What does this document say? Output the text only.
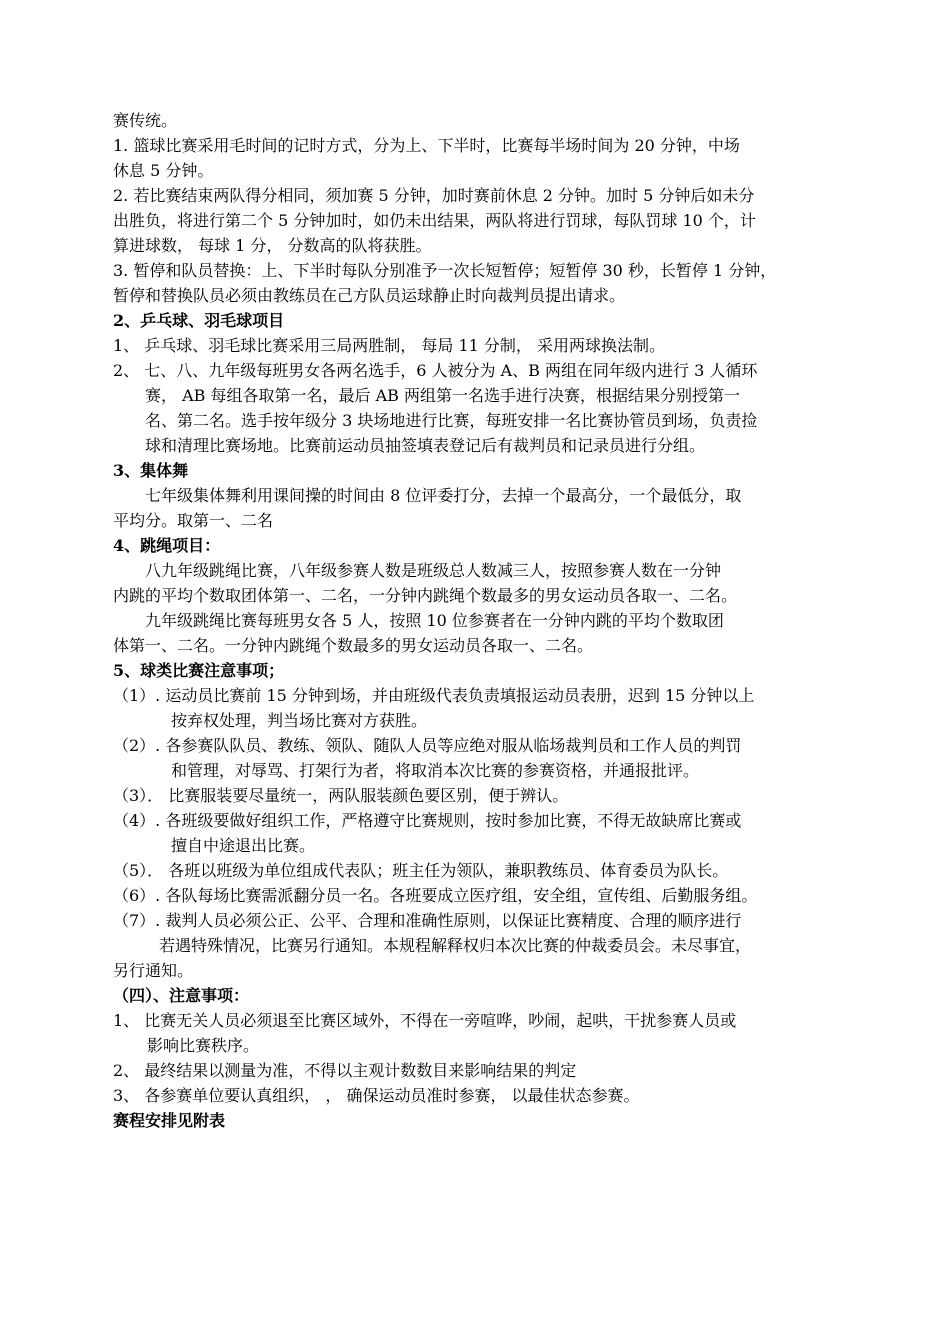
赛传统。
1. 篮球比赛采用毛时间的记时方式，分为上、下半时，比赛每半场时间为 20 分钟，中场
休息 5 分钟。
2. 若比赛结束两队得分相同，须加赛 5 分钟，加时赛前休息 2 分钟。加时 5 分钟后如未分
出胜负，将进行第二个 5 分钟加时，如仍未出结果，两队将进行罚球，每队罚球 10 个，计
算进球数， 每球 1 分， 分数高的队将获胜。
3. 暂停和队员替换：上、下半时每队分别准予一次长短暂停；短暂停 30 秒，长暂停 1 分钟，
暂停和替换队员必须由教练员在己方队员运球静止时向裁判员提出请求。
2、乒乓球、羽毛球项目
1、 乒乓球、羽毛球比赛采用三局两胜制， 每局 11 分制， 采用两球换法制。
2、 七、八、九年级每班男女各两名选手，6 人被分为 A、B 两组在同年级内进行 3 人循环
赛， AB 每组各取第一名，最后 AB 两组第一名选手进行决赛，根据结果分别授第一
名、第二名。选手按年级分 3 块场地进行比赛，每班安排一名比赛协管员到场，负责捡
球和清理比赛场地。比赛前运动员抽签填表登记后有裁判员和记录员进行分组。
3、集体舞
七年级集体舞利用课间操的时间由 8 位评委打分，去掉一个最高分，一个最低分，取
平均分。取第一、二名
4、跳绳项目：
八九年级跳绳比赛，八年级参赛人数是班级总人数减三人，按照参赛人数在一分钟
内跳的平均个数取团体第一、二名，一分钟内跳绳个数最多的男女运动员各取一、二名。
九年级跳绳比赛每班男女各 5 人，按照 10 位参赛者在一分钟内跳的平均个数取团
体第一、二名。一分钟内跳绳个数最多的男女运动员各取一、二名。
5、球类比赛注意事项；
（1）. 运动员比赛前 15 分钟到场，并由班级代表负责填报运动员表册，迟到 15 分钟以上
按弃权处理，判当场比赛对方获胜。
（2）. 各参赛队队员、教练、领队、随队人员等应绝对服从临场裁判员和工作人员的判罚
和管理，对辱骂、打架行为者，将取消本次比赛的参赛资格，并通报批评。
（3）． 比赛服装要尽量统一，两队服装颜色要区别，便于辨认。
（4）. 各班级要做好组织工作，严格遵守比赛规则，按时参加比赛，不得无故缺席比赛或
擅自中途退出比赛。
（5）． 各班以班级为单位组成代表队；班主任为领队，兼职教练员、体育委员为队长。
（6）. 各队每场比赛需派翻分员一名。各班要成立医疗组，安全组，宣传组、后勤服务组。
（7）. 裁判人员必须公正、公平、合理和准确性原则，以保证比赛精度、合理的顺序进行
若遇特殊情况，比赛另行通知。本规程解释权归本次比赛的仲裁委员会。未尽事宜，
另行通知。
（四）、注意事项：
1、 比赛无关人员必须退至比赛区域外，不得在一旁喧哗，吵闹，起哄，干扰参赛人员或
影响比赛秩序。
2、 最终结果以测量为准，不得以主观计数数目来影响结果的判定
3、 各参赛单位要认真组织， ， 确保运动员准时参赛， 以最佳状态参赛。
赛程安排见附表
